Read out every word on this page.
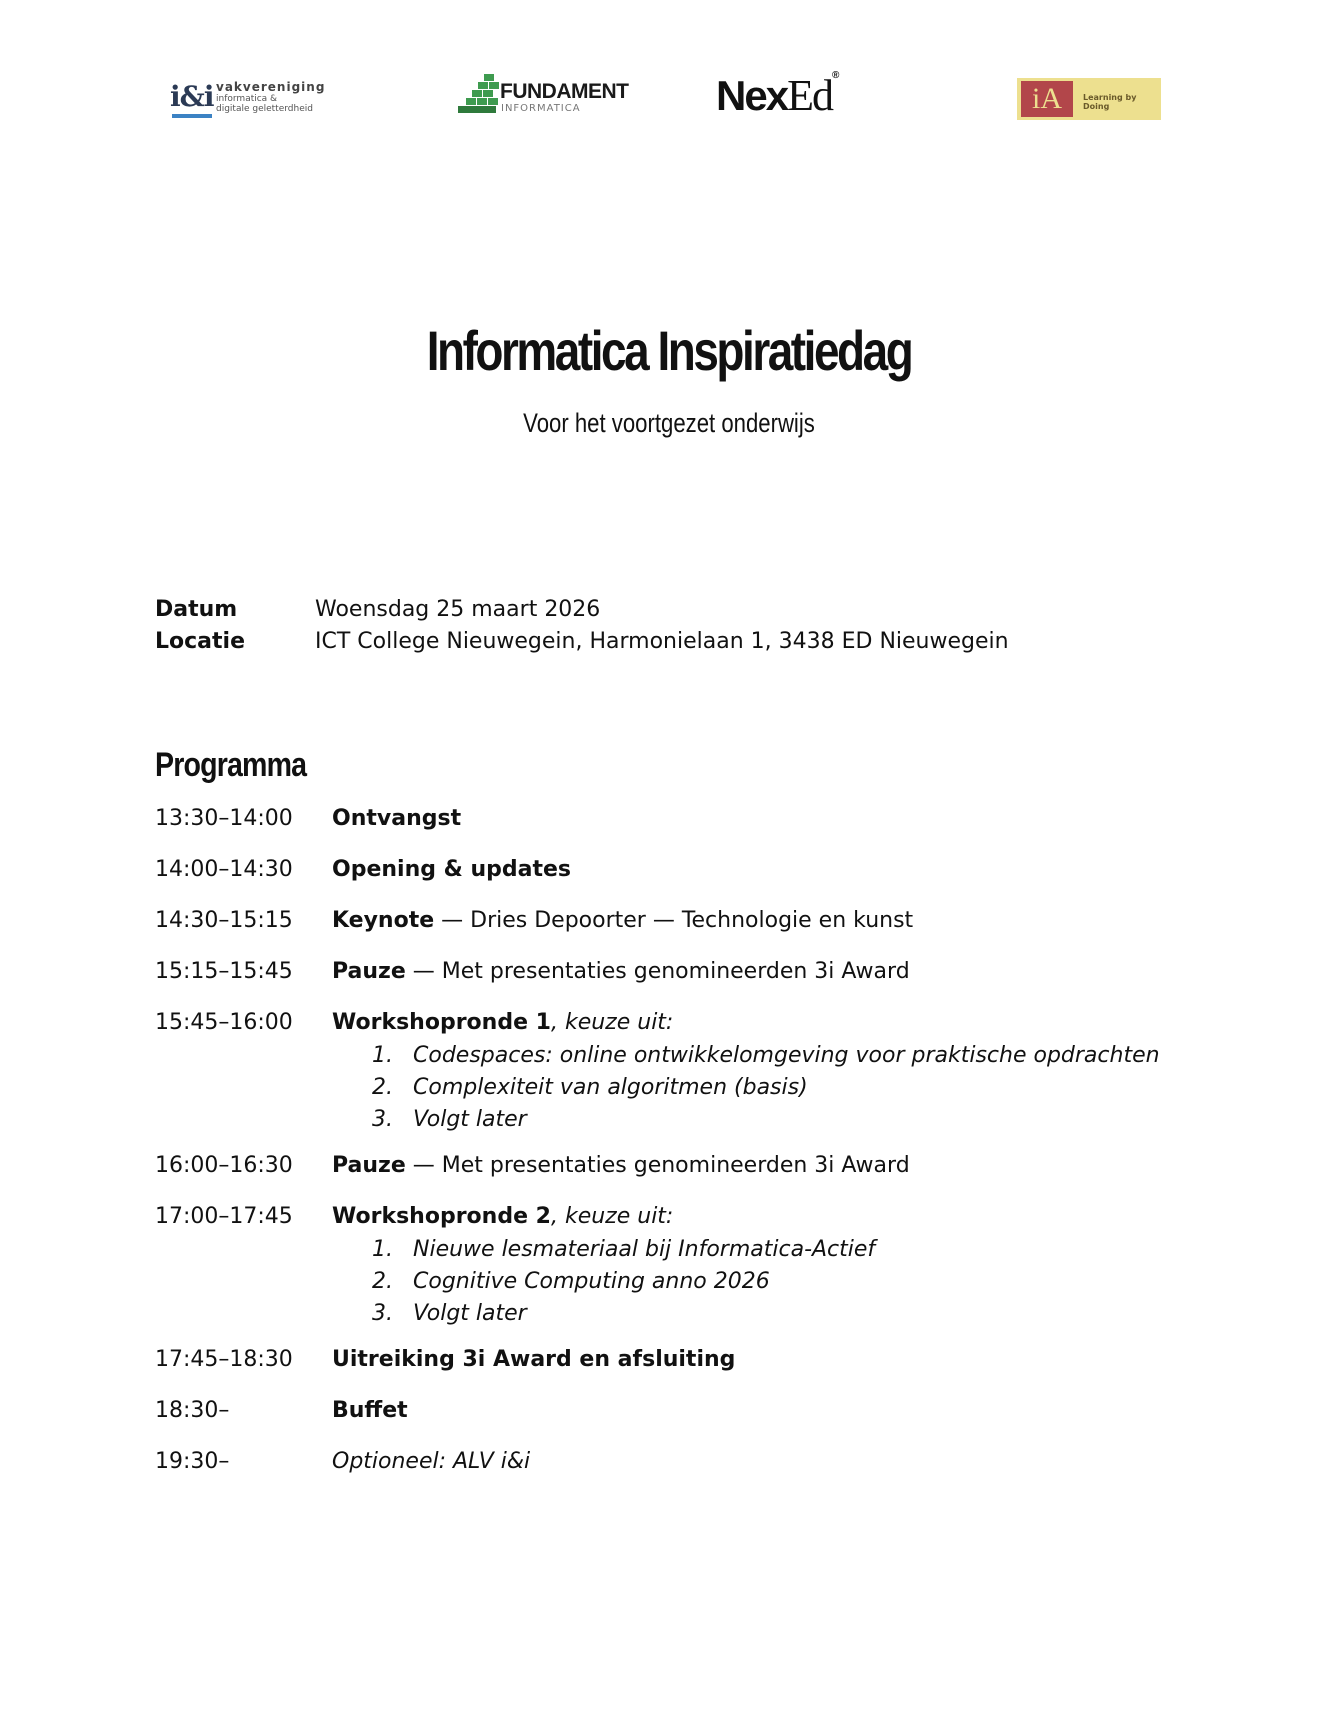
i&i vakvereniging
informatica &
digitale geletterdheid
FUNDAMENT
INFORMATICA	NexEd®
iA	Learning by Doing
Informatica Inspiratiedag
Voor het voortgezet onderwijs
Datum	Woensdag 25 maart 2026
Locatie	ICT College Nieuwegein, Harmonielaan 1, 3438 ED Nieuwegein
Programma
13:30–14:00	Ontvangst
14:00–14:30	Opening & updates
14:30–15:15	Keynote — Dries Depoorter — Technologie en kunst
15:15–15:45	Pauze — Met presentaties genomineerden 3i Award
15:45–16:00	Workshopronde 1, keuze uit:
1. Codespaces: online ontwikkelomgeving voor praktische opdrachten
2. Complexiteit van algoritmen (basis)
3. Volgt later
16:00–16:30	Pauze — Met presentaties genomineerden 3i Award
17:00–17:45	Workshopronde 2, keuze uit:
1. Nieuwe lesmateriaal bij Informatica-Actief
2. Cognitive Computing anno 2026
3. Volgt later
17:45–18:30	Uitreiking 3i Award en afsluiting
18:30–	Buffet
19:30–	Optioneel: ALV i&i
